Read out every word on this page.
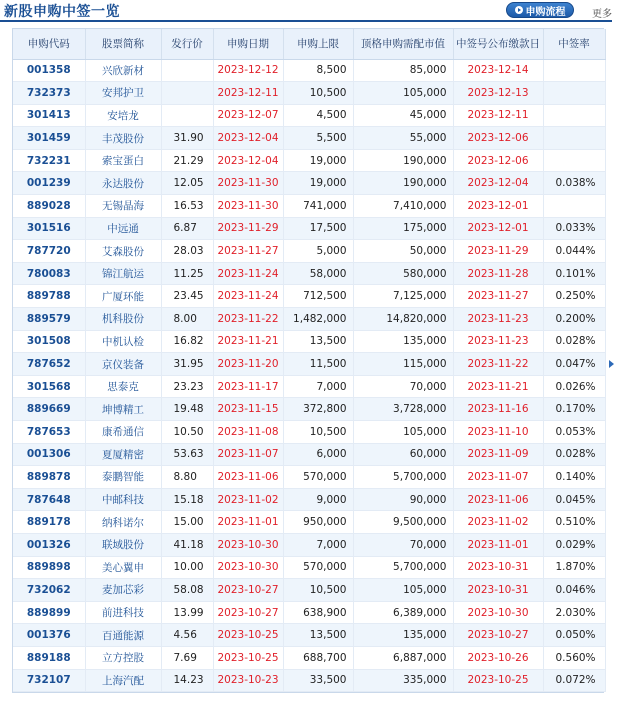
新股申购中签一览	申购流程	更多
申购代码	股票简称	发行价	申购日期	申购上限	顶格申购需配市值	中签号公布缴款日	中签率
001358	兴欣新材		2023-12-12	8,500	85,000	2023-12-14	
732373	安邦护卫		2023-12-11	10,500	105,000	2023-12-13	
301413	安培龙		2023-12-07	4,500	45,000	2023-12-11	
301459	丰茂股份	31.90	2023-12-04	5,500	55,000	2023-12-06	
732231	索宝蛋白	21.29	2023-12-04	19,000	190,000	2023-12-06	
001239	永达股份	12.05	2023-11-30	19,000	190,000	2023-12-04	0.038%
889028	无锡晶海	16.53	2023-11-30	741,000	7,410,000	2023-12-01	
301516	中远通	6.87	2023-11-29	17,500	175,000	2023-12-01	0.033%
787720	艾森股份	28.03	2023-11-27	5,000	50,000	2023-11-29	0.044%
780083	锦江航运	11.25	2023-11-24	58,000	580,000	2023-11-28	0.101%
889788	广厦环能	23.45	2023-11-24	712,500	7,125,000	2023-11-27	0.250%
889579	机科股份	8.00	2023-11-22	1,482,000	14,820,000	2023-11-23	0.200%
301508	中机认检	16.82	2023-11-21	13,500	135,000	2023-11-23	0.028%
787652	京仪装备	31.95	2023-11-20	11,500	115,000	2023-11-22	0.047%
301568	思泰克	23.23	2023-11-17	7,000	70,000	2023-11-21	0.026%
889669	坤博精工	19.48	2023-11-15	372,800	3,728,000	2023-11-16	0.170%
787653	康希通信	10.50	2023-11-08	10,500	105,000	2023-11-10	0.053%
001306	夏厦精密	53.63	2023-11-07	6,000	60,000	2023-11-09	0.028%
889878	泰鹏智能	8.80	2023-11-06	570,000	5,700,000	2023-11-07	0.140%
787648	中邮科技	15.18	2023-11-02	9,000	90,000	2023-11-06	0.045%
889178	纳科诺尔	15.00	2023-11-01	950,000	9,500,000	2023-11-02	0.510%
001326	联域股份	41.18	2023-10-30	7,000	70,000	2023-11-01	0.029%
889898	美心翼申	10.00	2023-10-30	570,000	5,700,000	2023-10-31	1.870%
732062	麦加芯彩	58.08	2023-10-27	10,500	105,000	2023-10-31	0.046%
889899	前进科技	13.99	2023-10-27	638,900	6,389,000	2023-10-30	2.030%
001376	百通能源	4.56	2023-10-25	13,500	135,000	2023-10-27	0.050%
889188	立方控股	7.69	2023-10-25	688,700	6,887,000	2023-10-26	0.560%
732107	上海汽配	14.23	2023-10-23	33,500	335,000	2023-10-25	0.072%
